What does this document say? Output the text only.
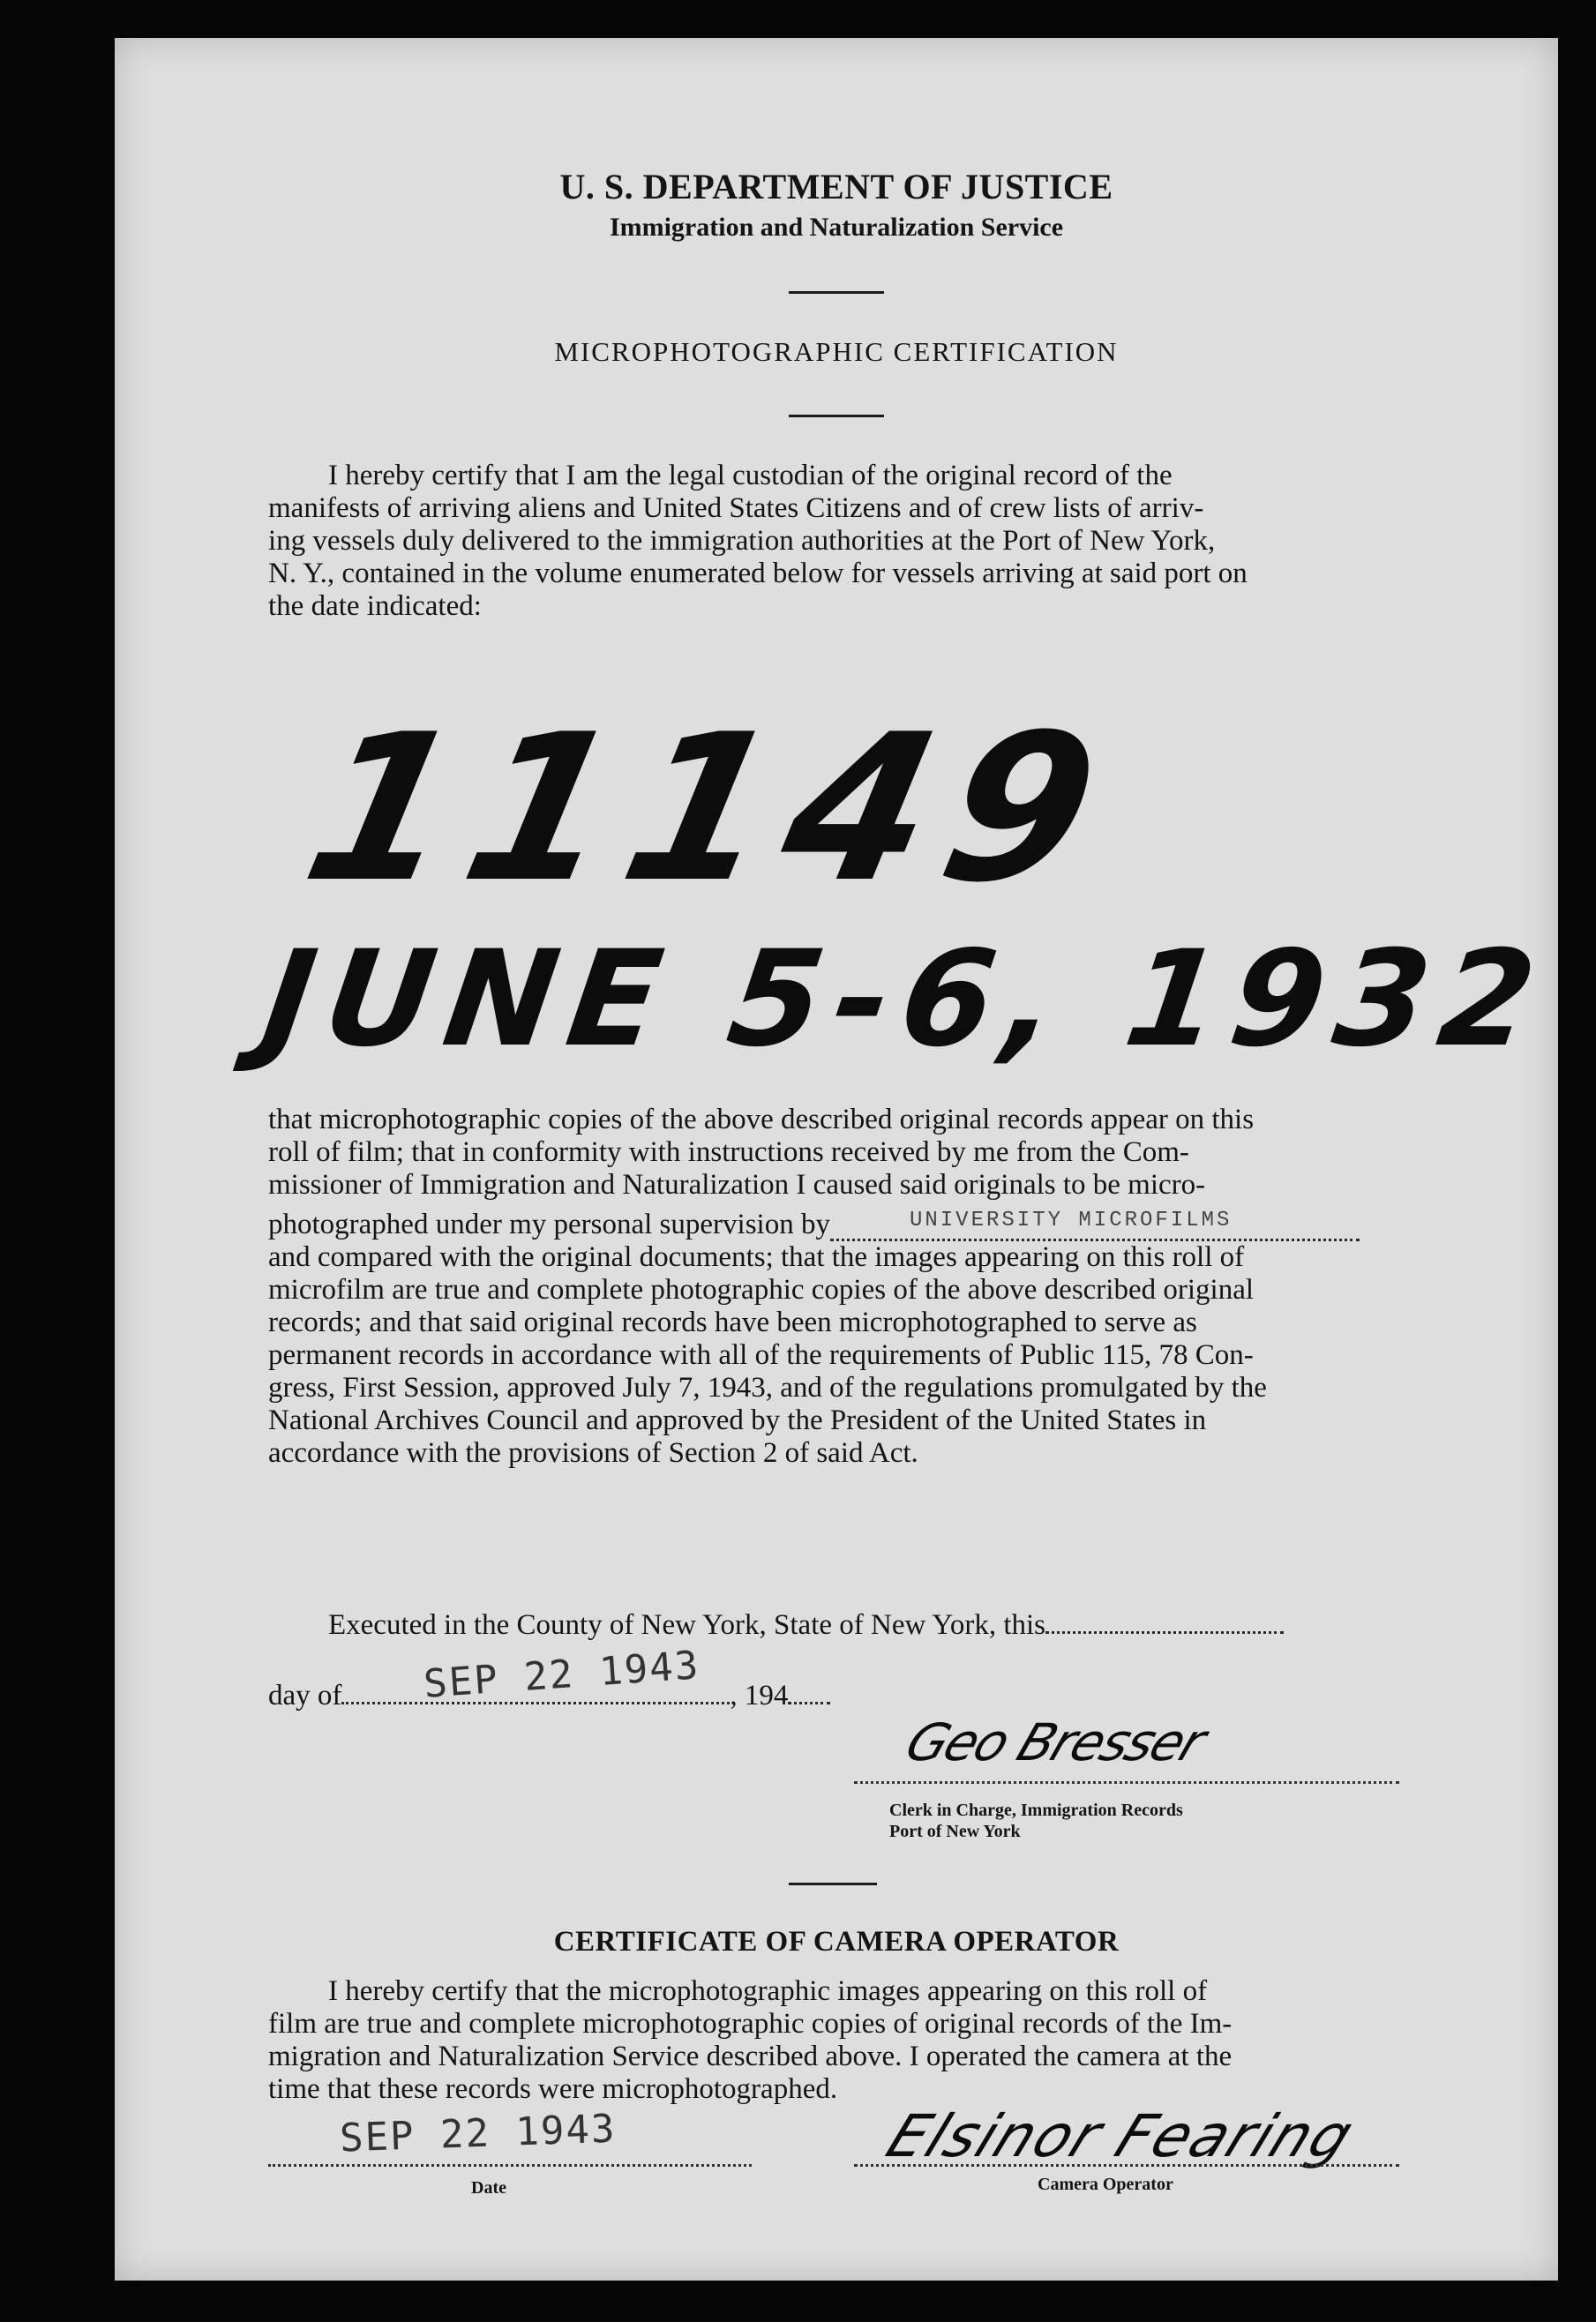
U. S. DEPARTMENT OF JUSTICE
Immigration and Naturalization Service
MICROPHOTOGRAPHIC CERTIFICATION
I hereby certify that I am the legal custodian of the original record of the
manifests of arriving aliens and United States Citizens and of crew lists of arriv-
ing vessels duly delivered to the immigration authorities at the Port of New York,
N. Y., contained in the volume enumerated below for vessels arriving at said port on
the date indicated:
11149
JUNE 5-6, 1932
that microphotographic copies of the above described original records appear on this
roll of film; that in conformity with instructions received by me from the Com-
missioner of Immigration and Naturalization I caused said originals to be micro-
photographed under my personal supervision by	UNIVERSITY MICROFILMS
and compared with the original documents; that the images appearing on this roll of
microfilm are true and complete photographic copies of the above described original
records; and that said original records have been microphotographed to serve as
permanent records in accordance with all of the requirements of Public 115, 78 Con-
gress, First Session, approved July 7, 1943, and of the regulations promulgated by the
National Archives Council and approved by the President of the United States in
accordance with the provisions of Section 2 of said Act.
Executed in the County of New York, State of New York, this
day of	, 194
SEP 22 1943
Geo Bresser
Clerk in Charge, Immigration Records
Port of New York
CERTIFICATE OF CAMERA OPERATOR
I hereby certify that the microphotographic images appearing on this roll of
film are true and complete microphotographic copies of original records of the Im-
migration and Naturalization Service described above. I operated the camera at the
time that these records were microphotographed.
SEP 22 1943
Date
Elsinor Fearing
Camera Operator
